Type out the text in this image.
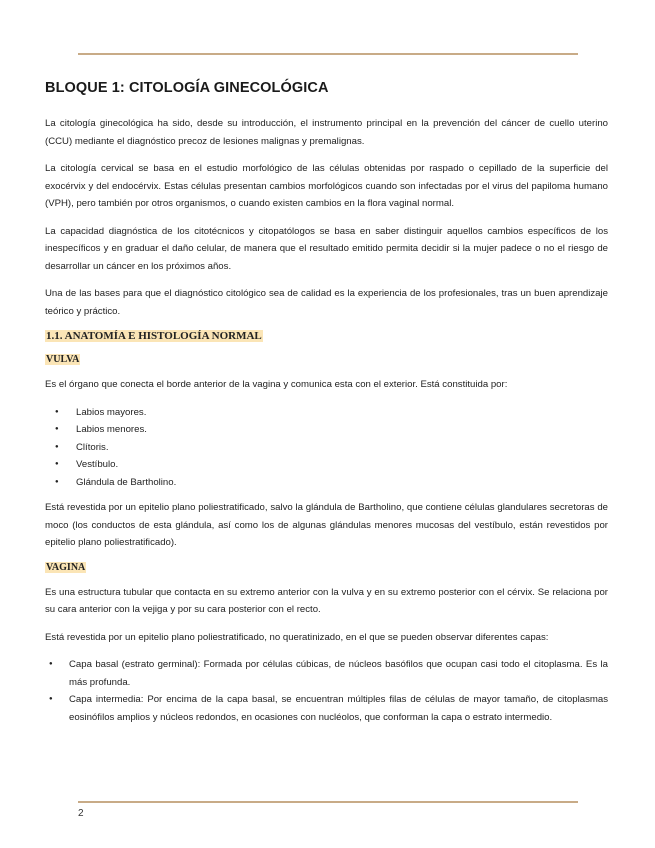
BLOQUE 1: CITOLOGÍA GINECOLÓGICA

La citología ginecológica ha sido, desde su introducción, el instrumento principal en la prevención del cáncer de cuello uterino (CCU) mediante el diagnóstico precoz de lesiones malignas y premalignas.

La citología cervical se basa en el estudio morfológico de las células obtenidas por raspado o cepillado de la superficie del exocérvix y del endocérvix. Estas células presentan cambios morfológicos cuando son infectadas por el virus del papiloma humano (VPH), pero también por otros organismos, o cuando existen cambios en la flora vaginal normal.

La capacidad diagnóstica de los citotécnicos y citopatólogos se basa en saber distinguir aquellos cambios específicos de los inespecíficos y en graduar el daño celular, de manera que el resultado emitido permita decidir si la mujer padece o no el riesgo de desarrollar un cáncer en los próximos años.

Una de las bases para que el diagnóstico citológico sea de calidad es la experiencia de los profesionales, tras un buen aprendizaje teórico y práctico.

1.1. ANATOMÍA E HISTOLOGÍA NORMAL
VULVA

Es el órgano que conecta el borde anterior de la vagina y comunica esta con el exterior. Está constituida por:

● Labios mayores.
● Labios menores.
● Clítoris.
● Vestíbulo.
● Glándula de Bartholino.

Está revestida por un epitelio plano poliestratificado, salvo la glándula de Bartholino, que contiene células glandulares secretoras de moco (los conductos de esta glándula, así como los de algunas glándulas menores mucosas del vestíbulo, están revestidos por epitelio plano poliestratificado).

VAGINA

Es una estructura tubular que contacta en su extremo anterior con la vulva y en su extremo posterior con el cérvix. Se relaciona por su cara anterior con la vejiga y por su cara posterior con el recto.

Está revestida por un epitelio plano poliestratificado, no queratinizado, en el que se pueden observar diferentes capas:

● Capa basal (estrato germinal): Formada por células cúbicas, de núcleos basófilos que ocupan casi todo el citoplasma. Es la más profunda.
● Capa intermedia: Por encima de la capa basal, se encuentran múltiples filas de células de mayor tamaño, de citoplasmas eosinófilos amplios y núcleos redondos, en ocasiones con nucléolos, que conforman la capa o estrato intermedio.
2
